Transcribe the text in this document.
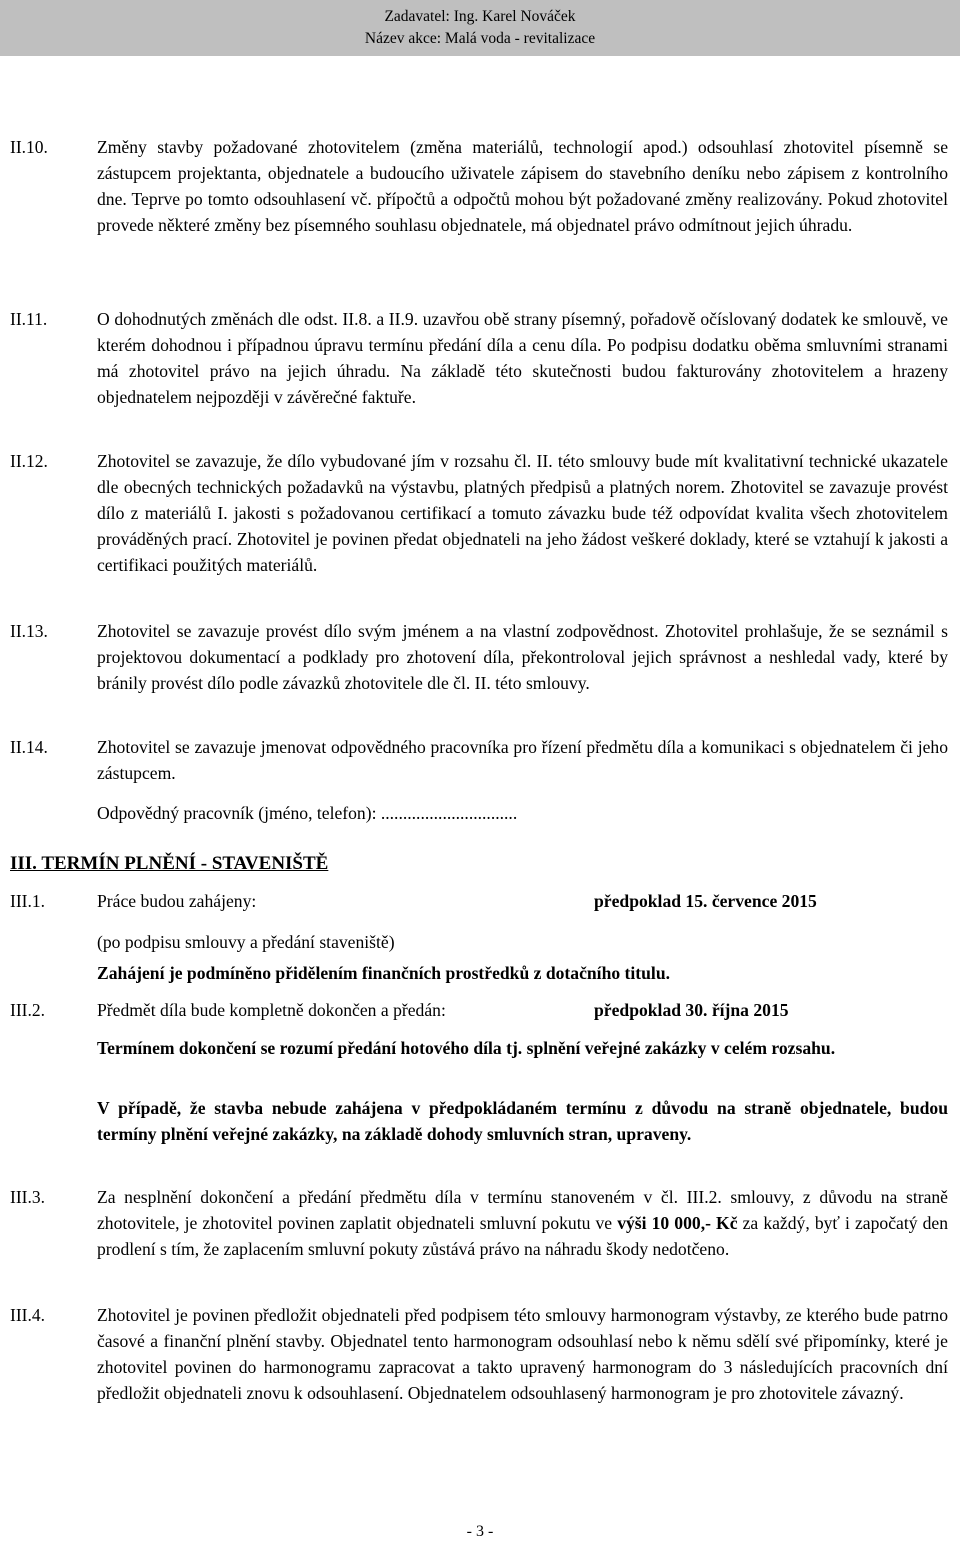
Zadavatel: Ing. Karel Nováček
Název akce: Malá voda - revitalizace
II.10.	Změny stavby požadované zhotovitelem (změna materiálů, technologií apod.) odsouhlasí zhotovitel písemně se zástupcem projektanta, objednatele a budoucího uživatele zápisem do stavebního deníku nebo zápisem z kontrolního dne. Teprve po tomto odsouhlasení vč. přípočtů a odpočtů mohou být požadované změny realizovány. Pokud zhotovitel provede některé změny bez písemného souhlasu objednatele, má objednatel právo odmítnout jejich úhradu.
II.11.	O dohodnutých změnách dle odst. II.8. a II.9. uzavřou obě strany písemný, pořadově očíslovaný dodatek ke smlouvě, ve kterém dohodnou i případnou úpravu termínu předání díla a cenu díla. Po podpisu dodatku oběma smluvními stranami má zhotovitel právo na jejich úhradu. Na základě této skutečnosti budou fakturovány zhotovitelem a hrazeny objednatelem nejpozději v závěrečné faktuře.
II.12.	Zhotovitel se zavazuje, že dílo vybudované jím v rozsahu čl. II. této smlouvy bude mít kvalitativní technické ukazatele dle obecných technických požadavků na výstavbu, platných předpisů a platných norem. Zhotovitel se zavazuje provést dílo z materiálů I. jakosti s požadovanou certifikací a tomuto závazku bude též odpovídat kvalita všech zhotovitelem prováděných prací. Zhotovitel je povinen předat objednateli na jeho žádost veškeré doklady, které se vztahují k jakosti a certifikaci použitých materiálů.
II.13.	Zhotovitel se zavazuje provést dílo svým jménem a na vlastní zodpovědnost. Zhotovitel prohlašuje, že se seznámil s projektovou dokumentací a podklady pro zhotovení díla, překontroloval jejich správnost a neshledal vady, které by bránily provést dílo podle závazků zhotovitele dle čl. II. této smlouvy.
II.14.	Zhotovitel se zavazuje jmenovat odpovědného pracovníka pro řízení předmětu díla a komunikaci s objednatelem či jeho zástupcem.
Odpovědný pracovník (jméno, telefon): ...............................
III. TERMÍN PLNĚNÍ - STAVENIŠTĚ
III.1.	Práce budou zahájeny:	předpoklad 15. července 2015
(po podpisu smlouvy a předání staveniště)
Zahájení je podmíněno přidělením finančních prostředků z dotačního titulu.
III.2.	Předmět díla bude kompletně dokončen a předán:	předpoklad 30. října 2015
Termínem dokončení se rozumí předání hotového díla tj. splnění veřejné zakázky v celém rozsahu.
V případě, že stavba nebude zahájena v předpokládaném termínu z důvodu na straně objednatele, budou termíny plnění veřejné zakázky, na základě dohody smluvních stran, upraveny.
III.3.	Za nesplnění dokončení a předání předmětu díla v termínu stanoveném v čl. III.2. smlouvy, z důvodu na straně zhotovitele, je zhotovitel povinen zaplatit objednateli smluvní pokutu ve výši 10 000,- Kč za každý, byť i započatý den prodlení s tím, že zaplacením smluvní pokuty zůstává právo na náhradu škody nedotčeno.
III.4.	Zhotovitel je povinen předložit objednateli před podpisem této smlouvy harmonogram výstavby, ze kterého bude patrno časové a finanční plnění stavby. Objednatel tento harmonogram odsouhlasí nebo k němu sdělí své připomínky, které je zhotovitel povinen do harmonogramu zapracovat a takto upravený harmonogram do 3 následujících pracovních dní předložit objednateli znovu k odsouhlasení. Objednatelem odsouhlasený harmonogram je pro zhotovitele závazný.
- 3 -
